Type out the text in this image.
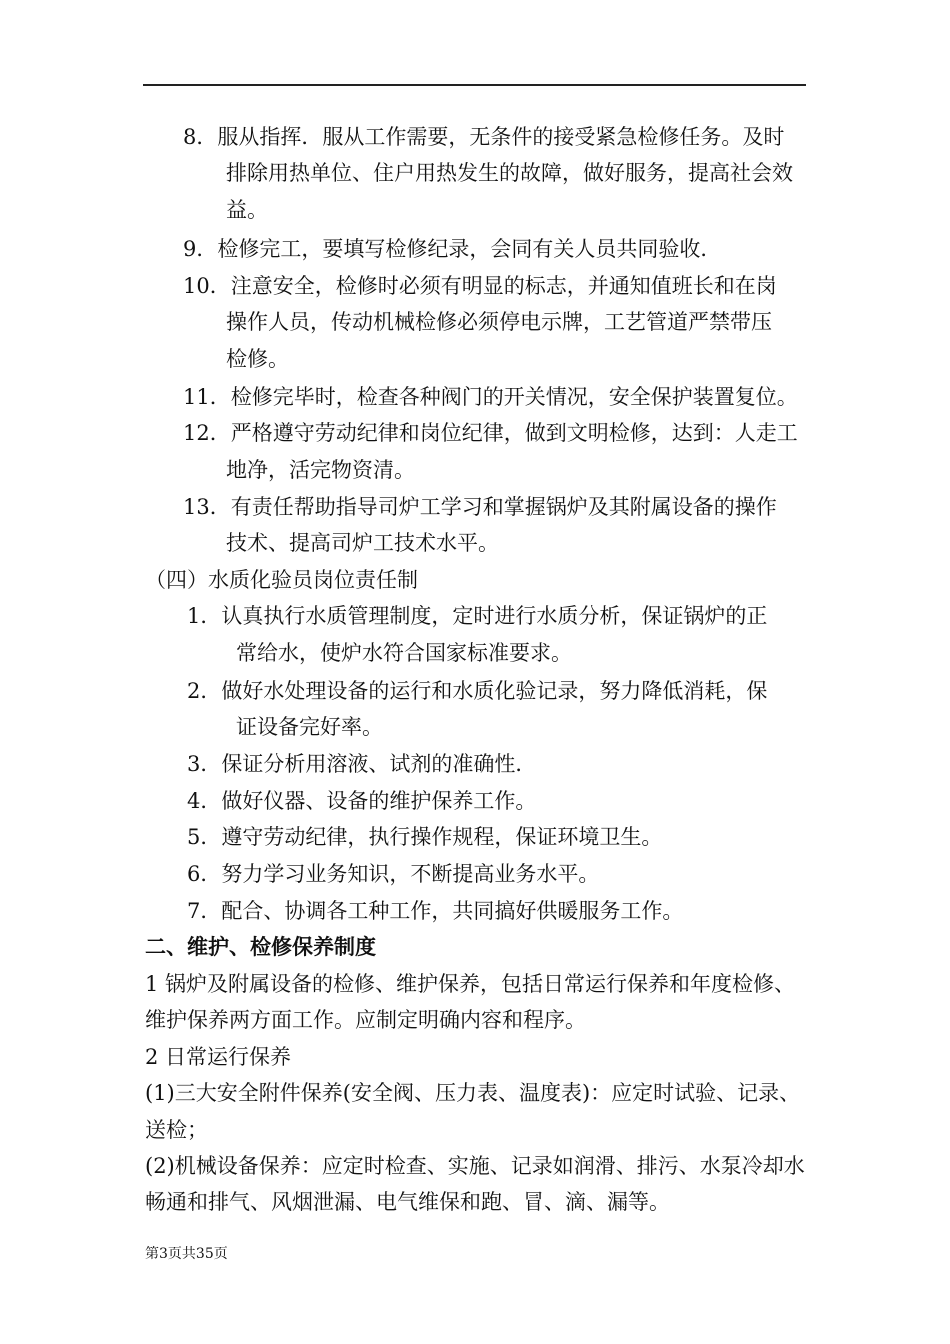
8．服从指挥．服从工作需要，无条件的接受紧急检修任务。及时
排除用热单位、住户用热发生的故障，做好服务，提高社会效
益。
9．检修完工，要填写检修纪录，会同有关人员共同验收．
10．注意安全，检修时必须有明显的标志，并通知值班长和在岗
操作人员，传动机械检修必须停电示牌，工艺管道严禁带压
检修。
11．检修完毕时，检查各种阀门的开关情况，安全保护装置复位。
12．严格遵守劳动纪律和岗位纪律，做到文明检修，达到：人走工
地净，活完物资清。
13．有责任帮助指导司炉工学习和掌握锅炉及其附属设备的操作
技术、提高司炉工技术水平。
（四）水质化验员岗位责任制
1．认真执行水质管理制度，定时进行水质分析，保证锅炉的正
常给水，使炉水符合国家标准要求。
2．做好水处理设备的运行和水质化验记录，努力降低消耗，保
证设备完好率。
3．保证分析用溶液、试剂的准确性．
4．做好仪器、设备的维护保养工作。
5．遵守劳动纪律，执行操作规程，保证环境卫生。
6．努力学习业务知识，不断提高业务水平。
7．配合、协调各工种工作，共同搞好供暖服务工作。
二、维护、检修保养制度
1 锅炉及附属设备的检修、维护保养，包括日常运行保养和年度检修、
维护保养两方面工作。应制定明确内容和程序。
2 日常运行保养
(1)三大安全附件保养(安全阀、压力表、温度表)：应定时试验、记录、
送检；
(2)机械设备保养：应定时检查、实施、记录如润滑、排污、水泵冷却水
畅通和排气、风烟泄漏、电气维保和跑、冒、滴、漏等。
第3页共35页
